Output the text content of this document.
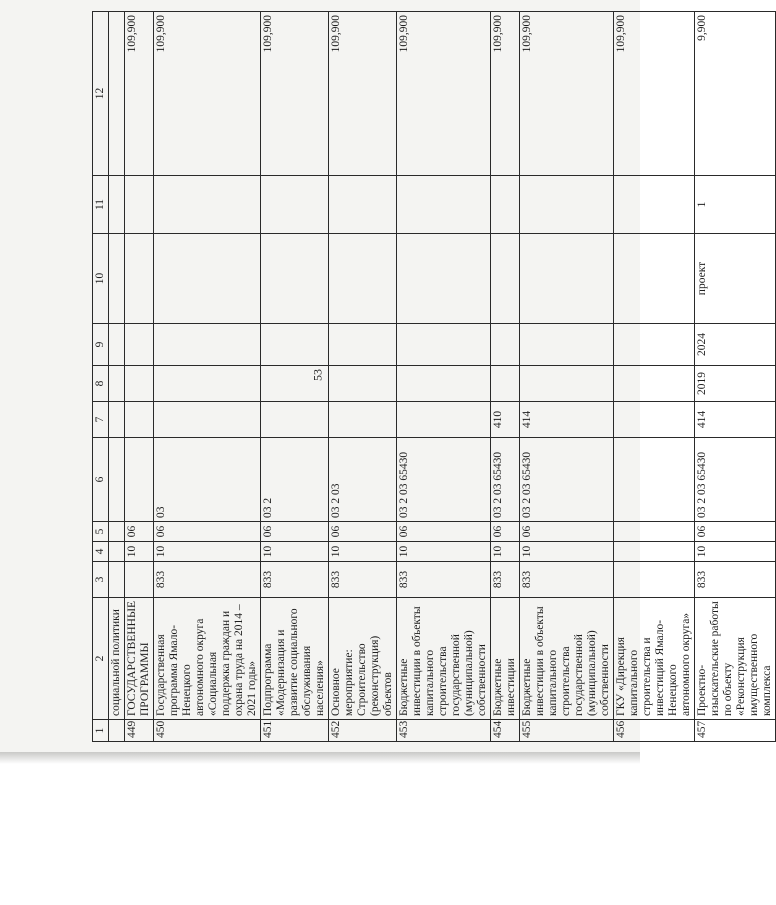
53
1	2	3	4	5	6	7	8	9	10	11	12
	социальной политики										
449	ГОСУДАРСТВЕННЫЕ ПРОГРАММЫ		10	06							109,900
450	Государственная программа Ямало-Ненецкого автономного округа «Социальная поддержка граждан и охрана труда на 2014 – 2021 годы»	833	10	06	03						109,900
451	Подпрограмма «Модернизация и развитие социального обслуживания населения»	833	10	06	03 2						109,900
452	Основное мероприятие: Строительство (реконструкция) объектов	833	10	06	03 2 03						109,900
453	Бюджетные инвестиции в объекты капитального строительства государственной (муниципальной) собственности	833	10	06	03 2 03 65430						109,900
454	Бюджетные инвестиции	833	10	06	03 2 03 65430	410					109,900
455	Бюджетные инвестиции в объекты капитального строительства государственной (муниципальной) собственности	833	10	06	03 2 03 65430	414					109,900
456	ГКУ «Дирекция капитального строительства и инвестиций Ямало-Ненецкого автономного округа»										109,900
457	Проектно-изыскательские работы по объекту «Реконструкция имущественного комплекса	833	10	06	03 2 03 65430	414	2019	2024	проект	1	9,900
